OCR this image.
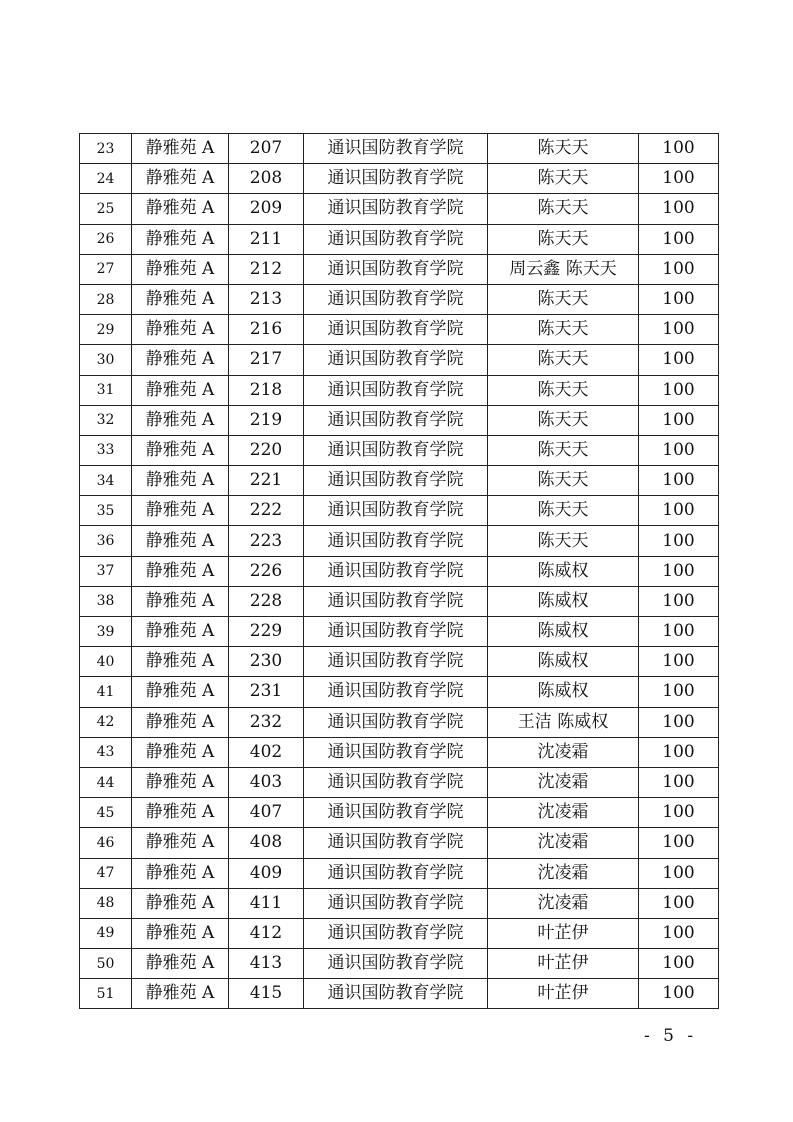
23	静雅苑 A	207	通识国防教育学院	陈天天	100
24	静雅苑 A	208	通识国防教育学院	陈天天	100
25	静雅苑 A	209	通识国防教育学院	陈天天	100
26	静雅苑 A	211	通识国防教育学院	陈天天	100
27	静雅苑 A	212	通识国防教育学院	周云鑫 陈天天	100
28	静雅苑 A	213	通识国防教育学院	陈天天	100
29	静雅苑 A	216	通识国防教育学院	陈天天	100
30	静雅苑 A	217	通识国防教育学院	陈天天	100
31	静雅苑 A	218	通识国防教育学院	陈天天	100
32	静雅苑 A	219	通识国防教育学院	陈天天	100
33	静雅苑 A	220	通识国防教育学院	陈天天	100
34	静雅苑 A	221	通识国防教育学院	陈天天	100
35	静雅苑 A	222	通识国防教育学院	陈天天	100
36	静雅苑 A	223	通识国防教育学院	陈天天	100
37	静雅苑 A	226	通识国防教育学院	陈威权	100
38	静雅苑 A	228	通识国防教育学院	陈威权	100
39	静雅苑 A	229	通识国防教育学院	陈威权	100
40	静雅苑 A	230	通识国防教育学院	陈威权	100
41	静雅苑 A	231	通识国防教育学院	陈威权	100
42	静雅苑 A	232	通识国防教育学院	王洁 陈威权	100
43	静雅苑 A	402	通识国防教育学院	沈凌霜	100
44	静雅苑 A	403	通识国防教育学院	沈凌霜	100
45	静雅苑 A	407	通识国防教育学院	沈凌霜	100
46	静雅苑 A	408	通识国防教育学院	沈凌霜	100
47	静雅苑 A	409	通识国防教育学院	沈凌霜	100
48	静雅苑 A	411	通识国防教育学院	沈凌霜	100
49	静雅苑 A	412	通识国防教育学院	叶芷伊	100
50	静雅苑 A	413	通识国防教育学院	叶芷伊	100
51	静雅苑 A	415	通识国防教育学院	叶芷伊	100
- 5 -
